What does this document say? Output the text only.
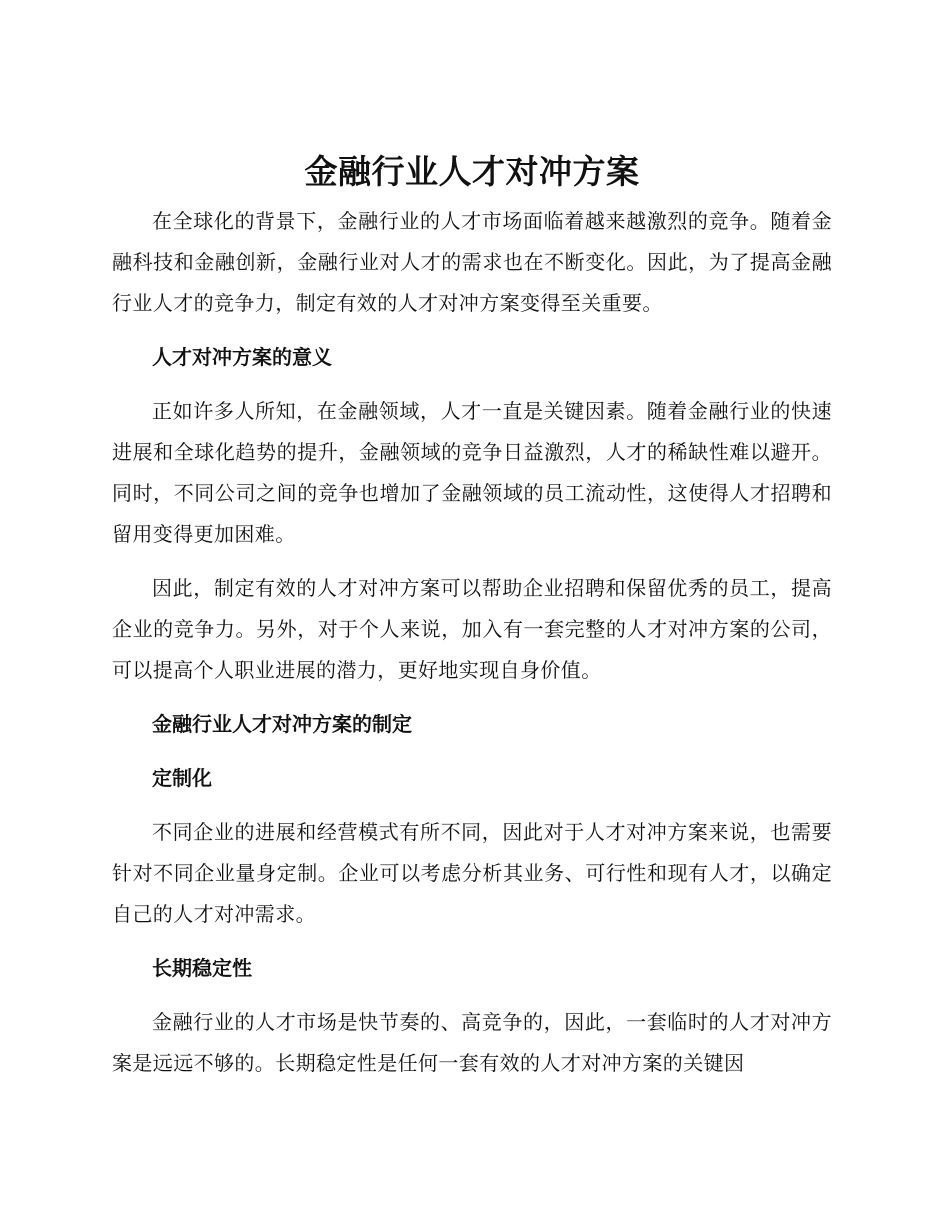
金融行业人才对冲方案

在全球化的背景下，金融行业的人才市场面临着越来越激烈的竞争。随着金融科技和金融创新，金融行业对人才的需求也在不断变化。因此，为了提高金融行业人才的竞争力，制定有效的人才对冲方案变得至关重要。

人才对冲方案的意义

正如许多人所知，在金融领域，人才一直是关键因素。随着金融行业的快速进展和全球化趋势的提升，金融领域的竞争日益激烈，人才的稀缺性难以避开。同时，不同公司之间的竞争也增加了金融领域的员工流动性，这使得人才招聘和留用变得更加困难。

因此，制定有效的人才对冲方案可以帮助企业招聘和保留优秀的员工，提高企业的竞争力。另外，对于个人来说，加入有一套完整的人才对冲方案的公司，可以提高个人职业进展的潜力，更好地实现自身价值。

金融行业人才对冲方案的制定
定制化

不同企业的进展和经营模式有所不同，因此对于人才对冲方案来说，也需要针对不同企业量身定制。企业可以考虑分析其业务、可行性和现有人才，以确定自己的人才对冲需求。

长期稳定性

金融行业的人才市场是快节奏的、高竞争的，因此，一套临时的人才对冲方案是远远不够的。长期稳定性是任何一套有效的人才对冲方案的关键因
